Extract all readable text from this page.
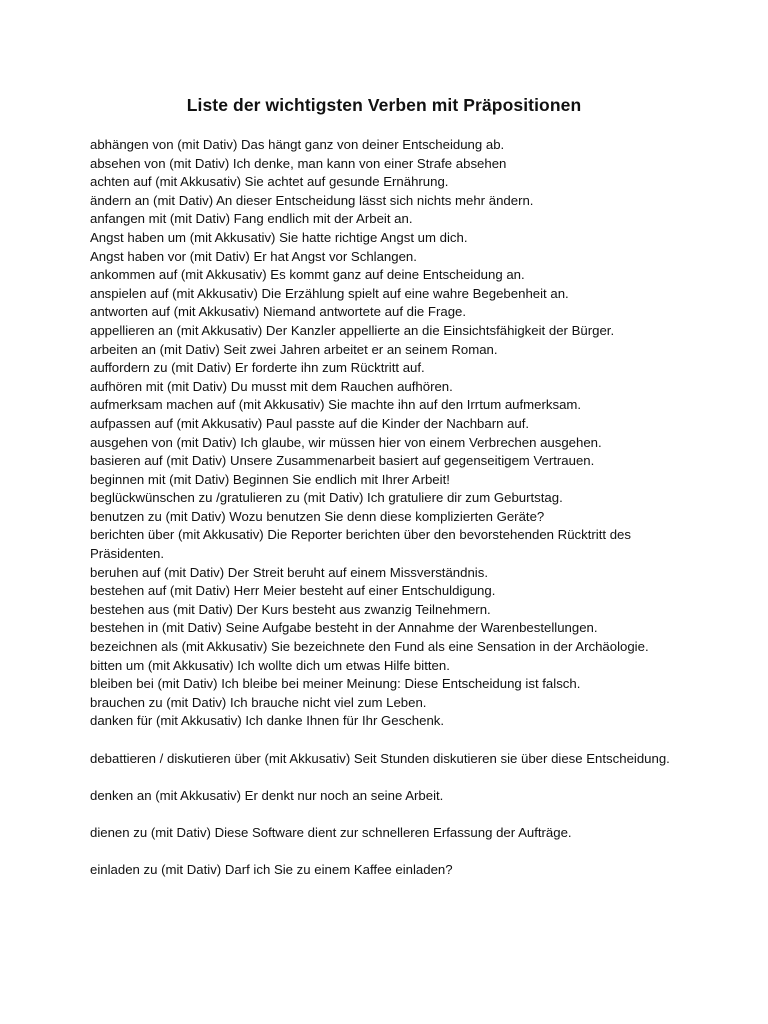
Liste der wichtigsten Verben mit Präpositionen
abhängen von (mit Dativ) Das hängt ganz von deiner Entscheidung ab.
absehen von (mit Dativ) Ich denke, man kann von einer Strafe absehen
achten auf (mit Akkusativ) Sie achtet auf gesunde Ernährung.
ändern an (mit Dativ) An dieser Entscheidung lässt sich nichts mehr ändern.
anfangen mit (mit Dativ) Fang endlich mit der Arbeit an.
Angst haben um (mit Akkusativ) Sie hatte richtige Angst um dich.
Angst haben vor (mit Dativ) Er hat Angst vor Schlangen.
ankommen auf (mit Akkusativ) Es kommt ganz auf deine Entscheidung an.
anspielen auf (mit Akkusativ) Die Erzählung spielt auf eine wahre Begebenheit an.
antworten auf (mit Akkusativ) Niemand antwortete auf die Frage.
appellieren an (mit Akkusativ) Der Kanzler appellierte an die Einsichtsfähigkeit der Bürger.
arbeiten an (mit Dativ) Seit zwei Jahren arbeitet er an seinem Roman.
auffordern zu (mit Dativ) Er forderte ihn zum Rücktritt auf.
aufhören mit (mit Dativ) Du musst mit dem Rauchen aufhören.
aufmerksam machen auf (mit Akkusativ) Sie machte ihn auf den Irrtum aufmerksam.
aufpassen auf (mit Akkusativ) Paul passte auf die Kinder der Nachbarn auf.
ausgehen von (mit Dativ) Ich glaube, wir müssen hier von einem Verbrechen ausgehen.
basieren auf (mit Dativ) Unsere Zusammenarbeit basiert auf gegenseitigem Vertrauen.
beginnen mit (mit Dativ) Beginnen Sie endlich mit Ihrer Arbeit!
beglückwünschen zu /gratulieren zu (mit Dativ) Ich gratuliere dir zum Geburtstag.
benutzen zu (mit Dativ) Wozu benutzen Sie denn diese komplizierten Geräte?
berichten über (mit Akkusativ) Die Reporter berichten über den bevorstehenden Rücktritt des Präsidenten.
beruhen auf (mit Dativ) Der Streit beruht auf einem Missverständnis.
bestehen auf (mit Dativ) Herr Meier besteht auf einer Entschuldigung.
bestehen aus (mit Dativ) Der Kurs besteht aus zwanzig Teilnehmern.
bestehen in (mit Dativ) Seine Aufgabe besteht in der Annahme der Warenbestellungen.
bezeichnen als (mit Akkusativ) Sie bezeichnete den Fund als eine Sensation in der Archäologie.
bitten um (mit Akkusativ) Ich wollte dich um etwas Hilfe bitten.
bleiben bei (mit Dativ) Ich bleibe bei meiner Meinung: Diese Entscheidung ist falsch.
brauchen zu (mit Dativ) Ich brauche nicht viel zum Leben.
danken für (mit Akkusativ) Ich danke Ihnen für Ihr Geschenk.
debattieren / diskutieren über (mit Akkusativ) Seit Stunden diskutieren sie über diese Entscheidung.
denken an (mit Akkusativ) Er denkt nur noch an seine Arbeit.
dienen zu (mit Dativ) Diese Software dient zur schnelleren Erfassung der Aufträge.
einladen zu (mit Dativ) Darf ich Sie zu einem Kaffee einladen?
